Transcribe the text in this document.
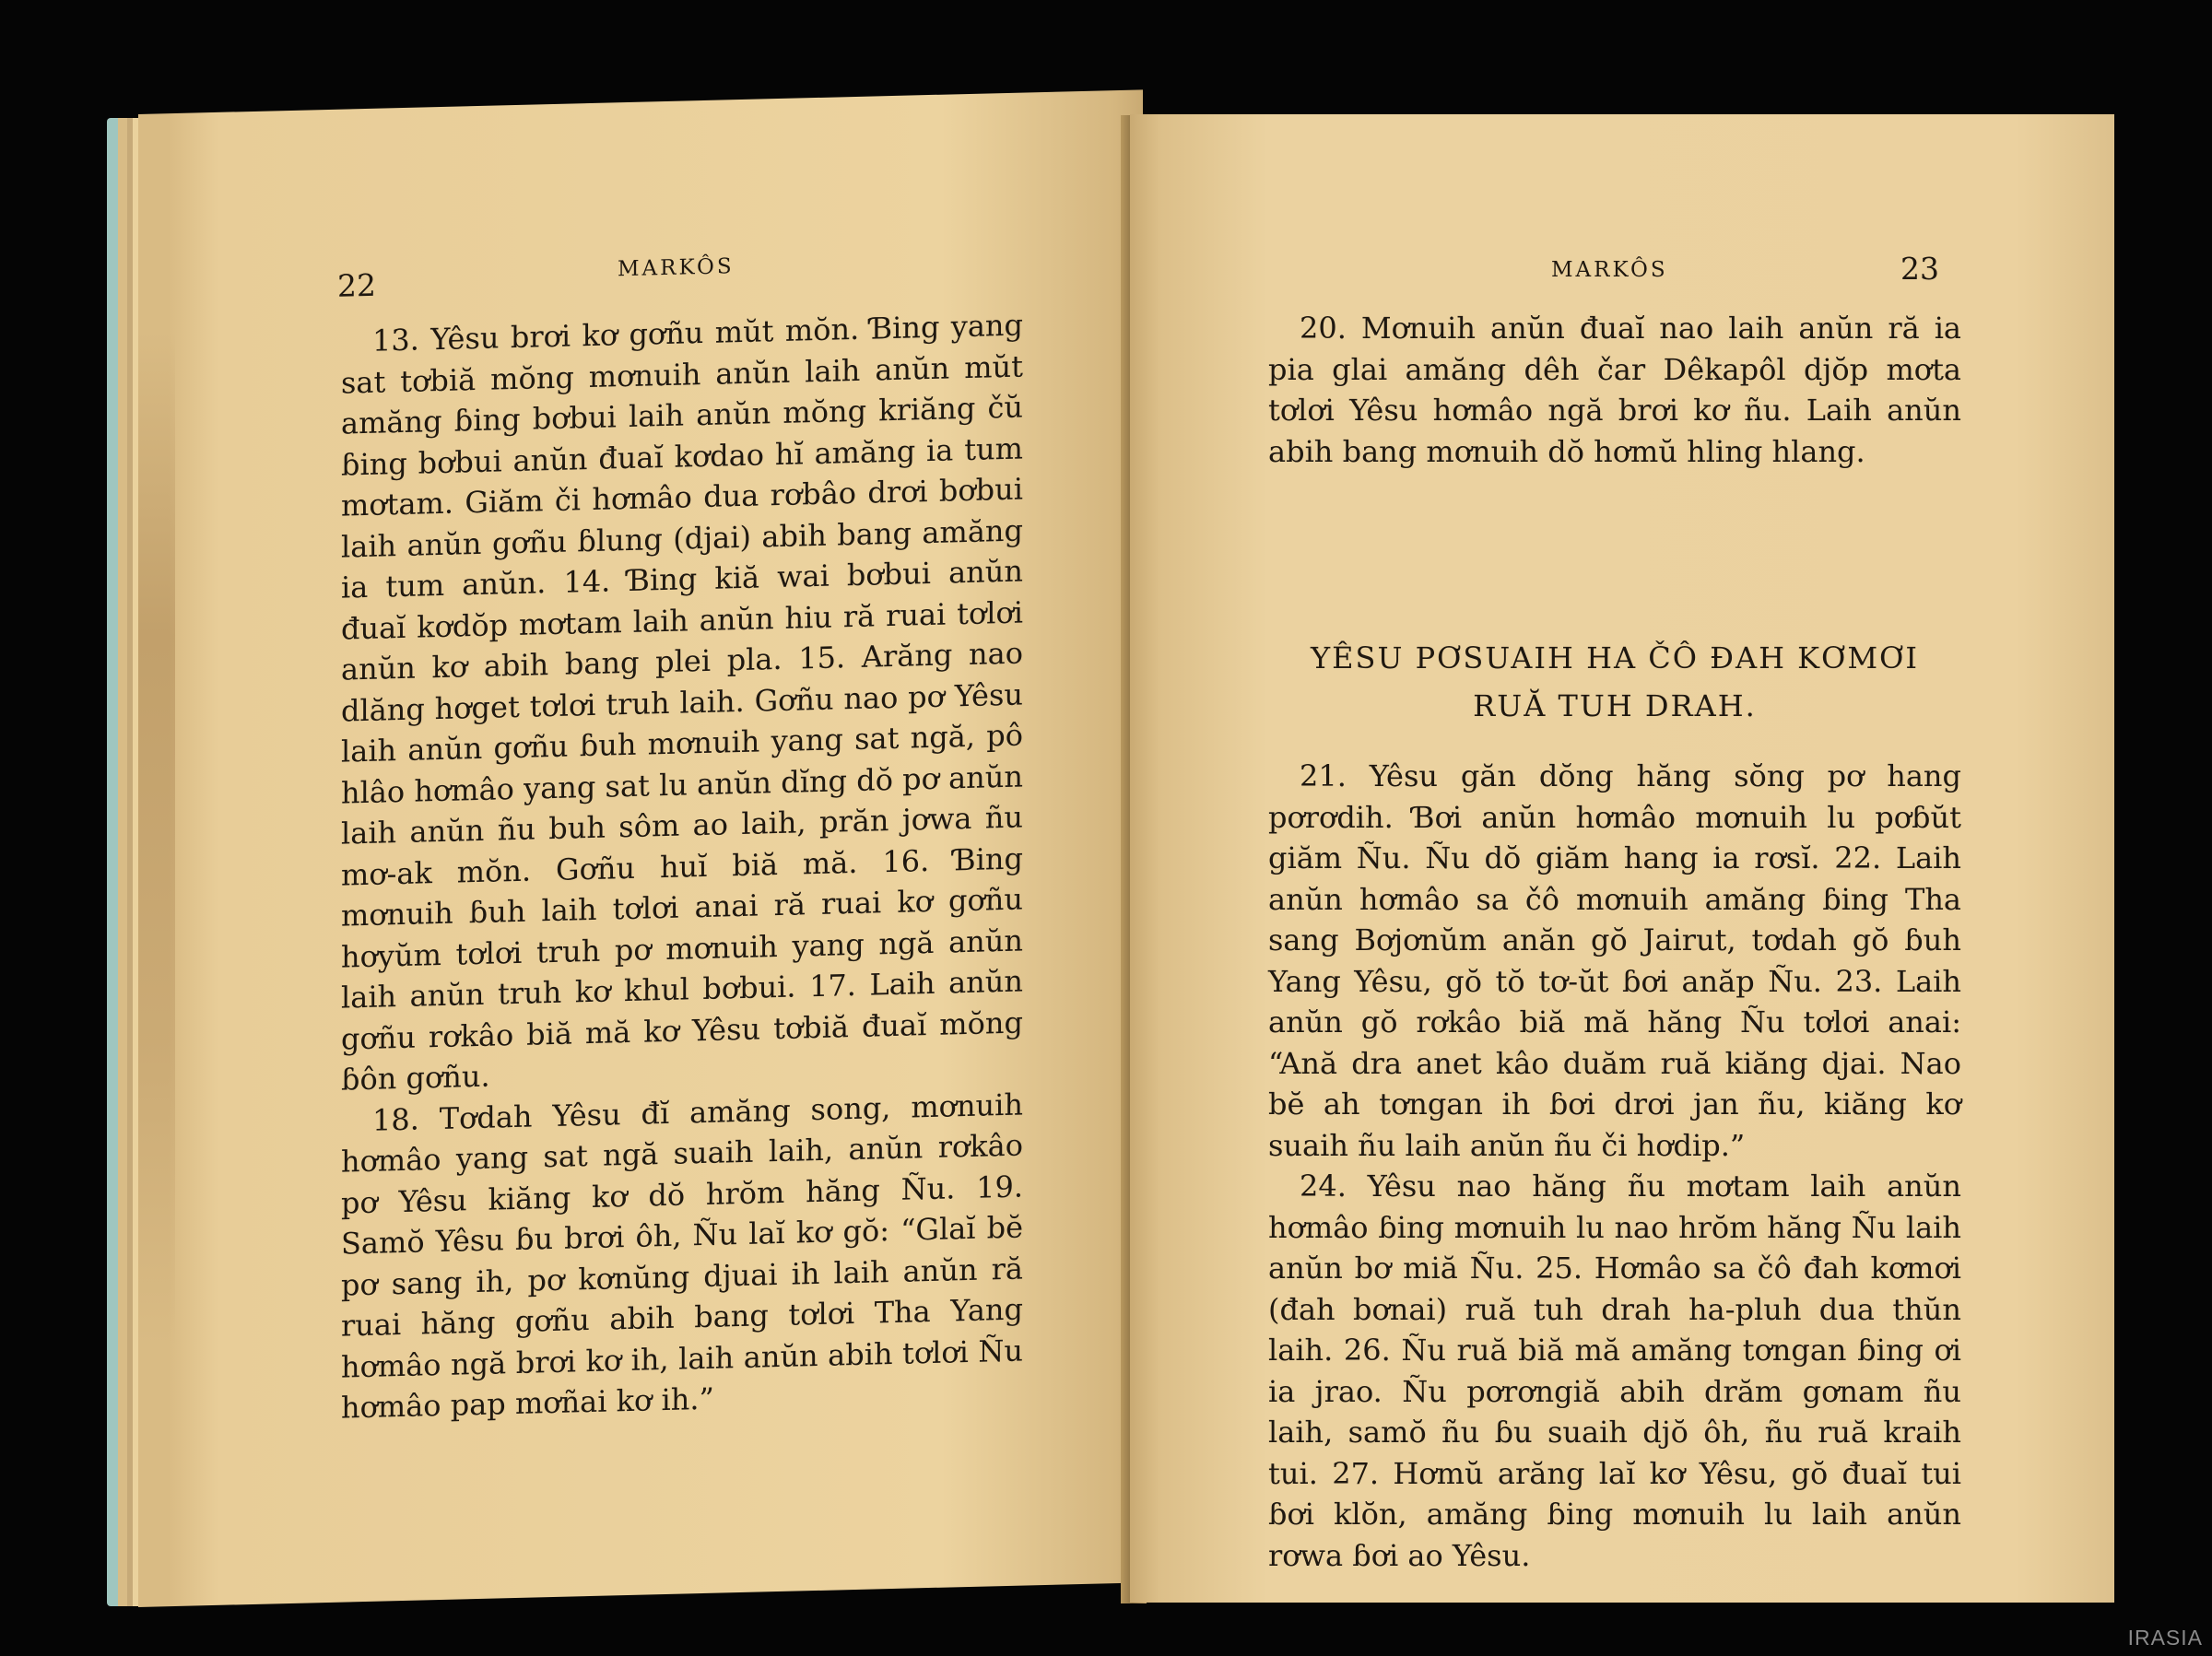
22	MARKÔS

13. Yêsu brơi kơ gơñu mŭt mŏn. Ɓing yang sat tơbiă mŏng mơnuih anŭn laih anŭn mŭt amăng ɓing bơbui laih anŭn mŏng kriăng čŭ ɓing bơbui anŭn đuaĭ kơdao hĭ amăng ia tum mơtam. Giăm či hơmâo dua rơbâo drơi bơbui laih anŭn gơñu ɓlung (djai) abih bang amăng ia tum anŭn. 14. Ɓing kiă wai bơbui anŭn đuaĭ kơdŏp mơtam laih anŭn hiu ră ruai tơlơi anŭn kơ abih bang plei pla. 15. Arăng nao dlăng hơget tơlơi truh laih. Gơñu nao pơ Yêsu laih anŭn gơñu ɓuh mơnuih yang sat ngă, pô hlâo hơmâo yang sat lu anŭn dĭng dŏ pơ anŭn laih anŭn ñu buh sôm ao laih, prăn jơwa ñu mơ-ak mŏn. Gơñu huĭ biă mă. 16. Ɓing mơnuih ɓuh laih tơlơi anai ră ruai kơ gơñu hơyŭm tơlơi truh pơ mơnuih yang ngă anŭn laih anŭn truh kơ khul bơbui. 17. Laih anŭn gơñu rơkâo biă mă kơ Yêsu tơbiă đuaĭ mŏng ɓôn gơñu.

18. Tơdah Yêsu đĭ amăng song, mơnuih hơmâo yang sat ngă suaih laih, anŭn rơkâo pơ Yêsu kiăng kơ dŏ hrŏm hăng Ñu. 19. Samŏ Yêsu ɓu brơi ôh, Ñu laĭ kơ gŏ: “Glaĭ bĕ pơ sang ih, pơ kơnŭng djuai ih laih anŭn ră ruai hăng gơñu abih bang tơlơi Tha Yang hơmâo ngă brơi kơ ih, laih anŭn abih tơlơi Ñu hơmâo pap mơñai kơ ih.”

MARKÔS	23

20. Mơnuih anŭn đuaĭ nao laih anŭn ră ia pia glai amăng dêh čar Dêkapôl djŏp mơta tơlơi Yêsu hơmâo ngă brơi kơ ñu. Laih anŭn abih bang mơnuih dŏ hơmŭ hling hlang.

YÊSU PƠSUAIH HA ČÔ ĐAH KƠMƠI
RUĂ TUH DRAH.

21. Yêsu găn dŏng hăng sŏng pơ hang pơrơdih. Ɓơi anŭn hơmâo mơnuih lu pơɓŭt giăm Ñu. Ñu dŏ giăm hang ia rơsĭ. 22. Laih anŭn hơmâo sa čô mơnuih amăng ɓing Tha sang Bơjơnŭm anăn gŏ Jairut, tơdah gŏ ɓuh Yang Yêsu, gŏ tŏ tơ-ŭt ɓơi anăp Ñu. 23. Laih anŭn gŏ rơkâo biă mă hăng Ñu tơlơi anai: “Ană dra anet kâo duăm ruă kiăng djai. Nao bĕ ah tơngan ih ɓơi drơi jan ñu, kiăng kơ suaih ñu laih anŭn ñu či hơdip.”

24. Yêsu nao hăng ñu mơtam laih anŭn hơmâo ɓing mơnuih lu nao hrŏm hăng Ñu laih anŭn bơ miă Ñu. 25. Hơmâo sa čô đah kơmơi (đah bơnai) ruă tuh drah ha-pluh dua thŭn laih. 26. Ñu ruă biă mă amăng tơngan ɓing ơi ia jrao. Ñu pơrơngiă abih drăm gơnam ñu laih, samŏ ñu ɓu suaih djŏ ôh, ñu ruă kraih tui. 27. Hơmŭ arăng laĭ kơ Yêsu, gŏ đuaĭ tui ɓơi klŏn, amăng ɓing mơnuih lu laih anŭn rơwa ɓơi ao Yêsu.

IRASIA
